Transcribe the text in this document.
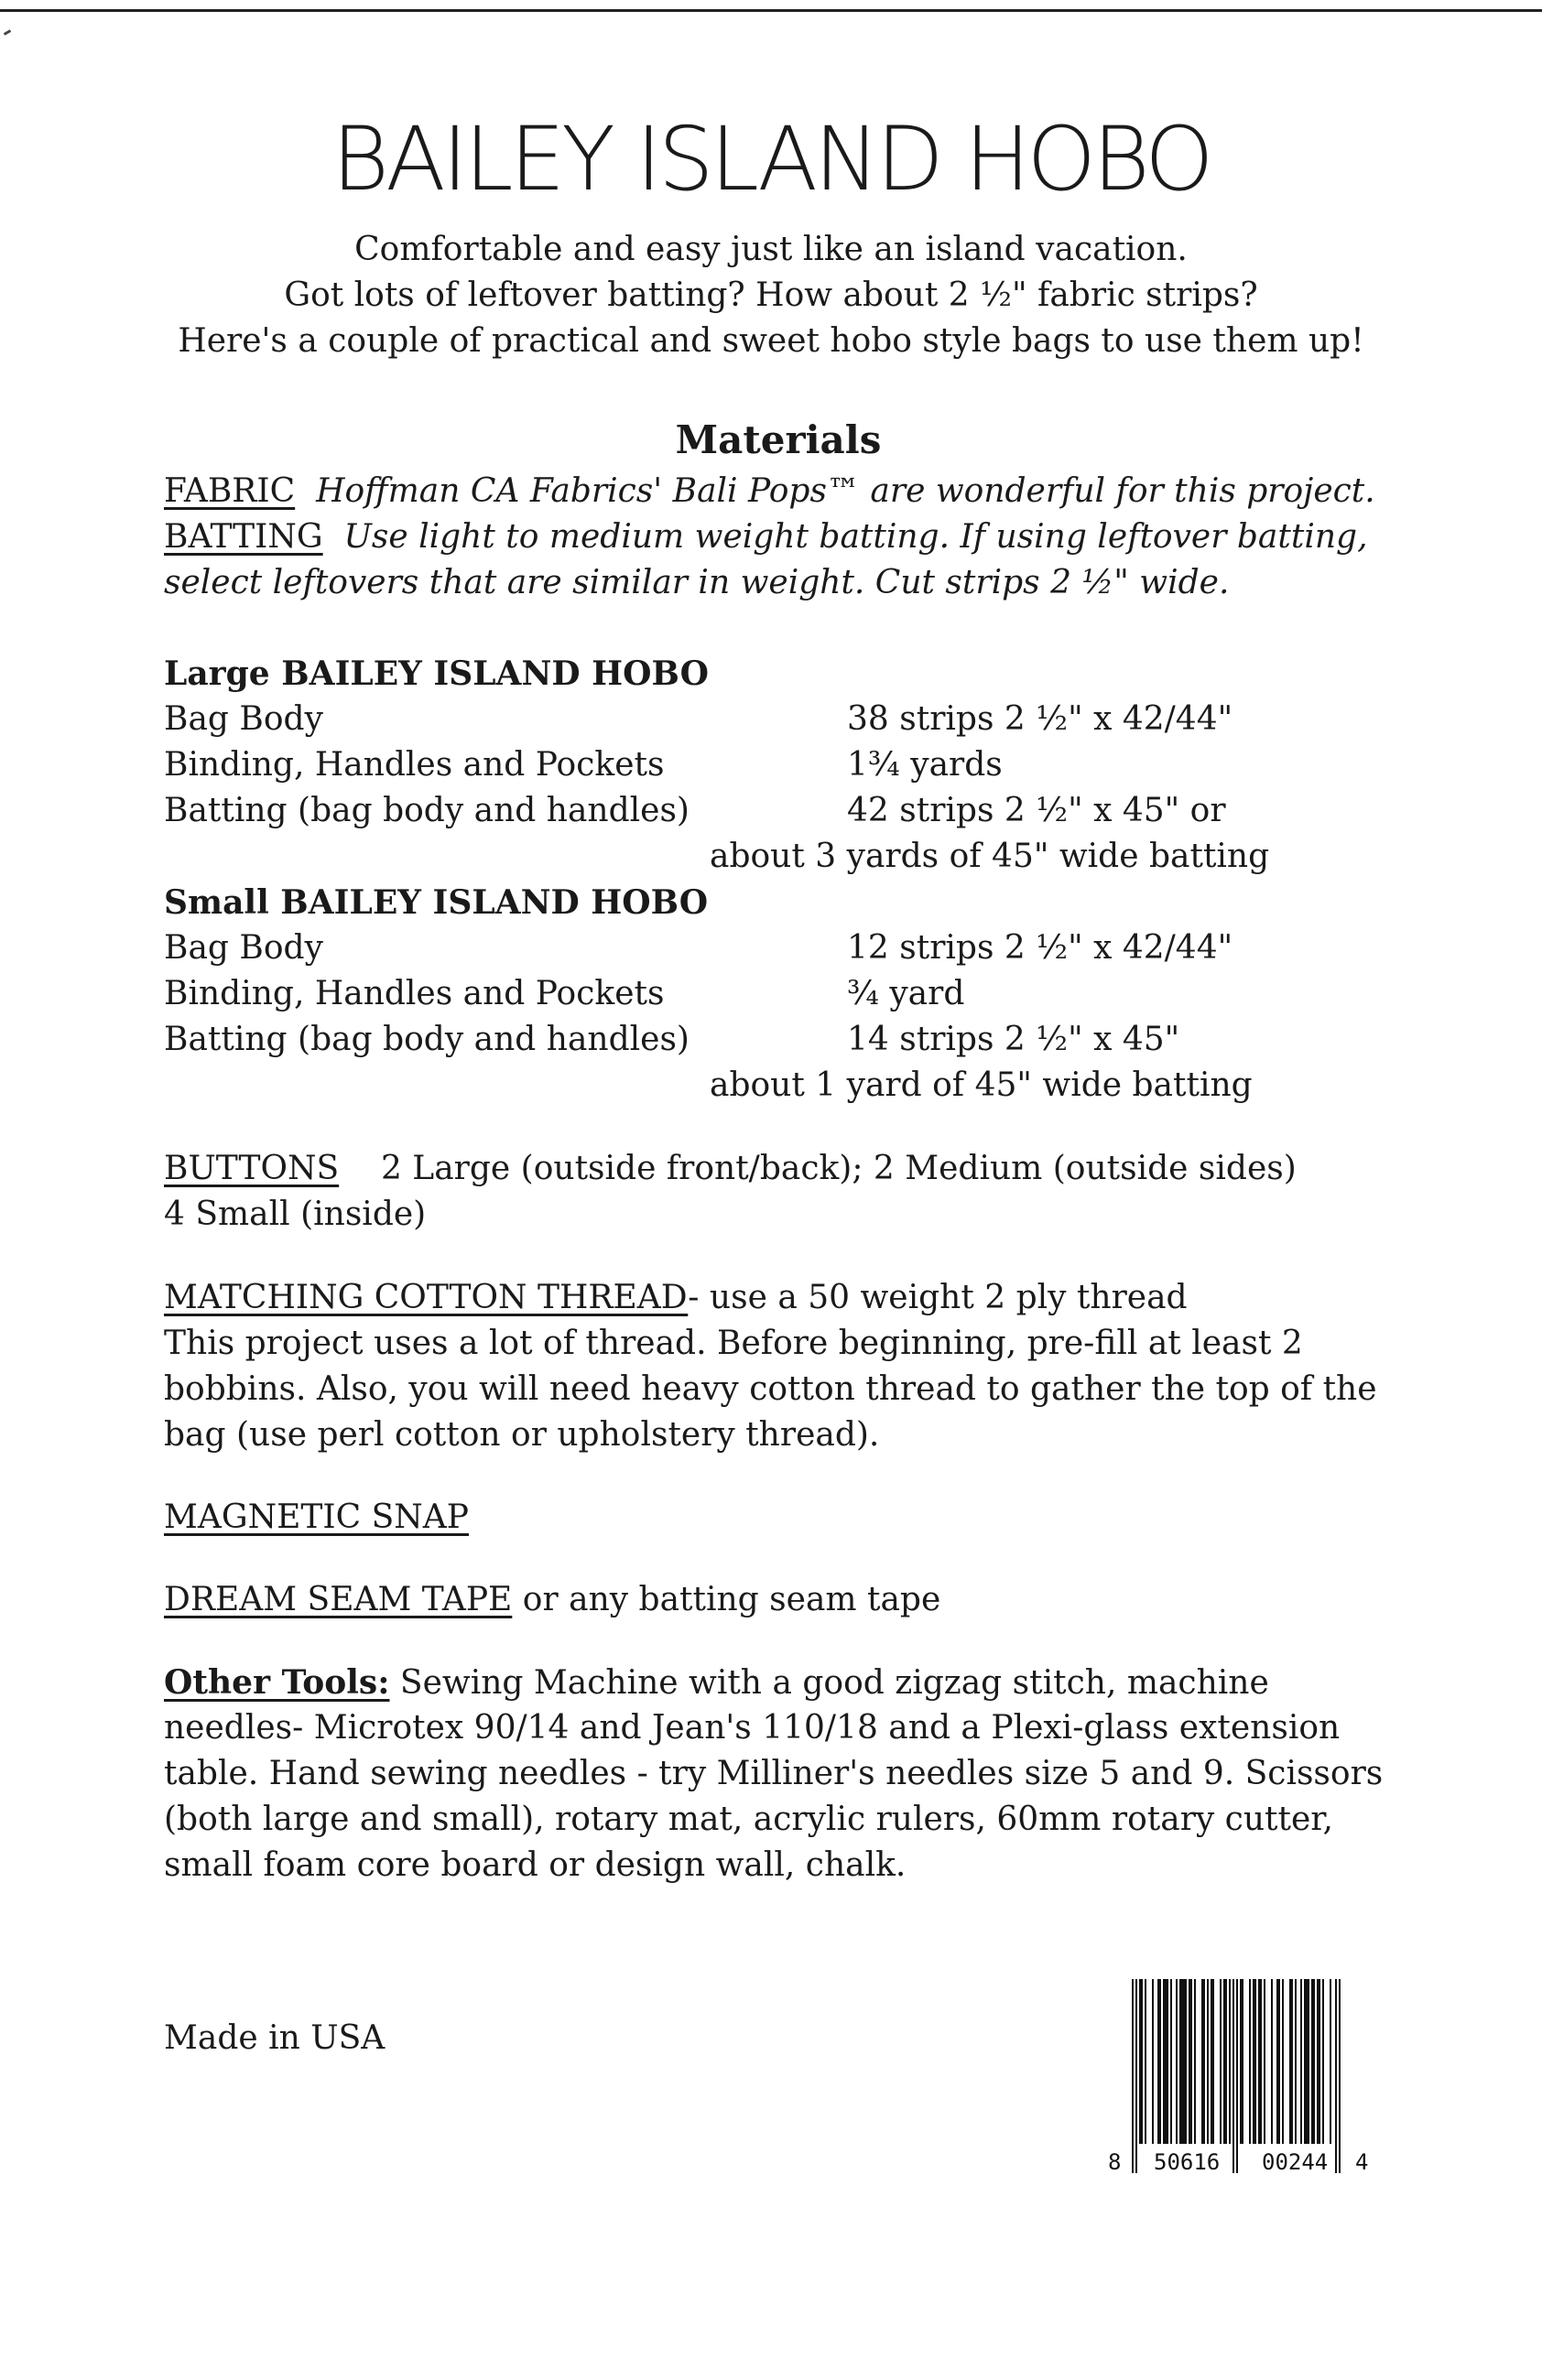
BAILEY ISLAND HOBO
Comfortable and easy just like an island vacation.
Got lots of leftover batting? How about 2 ½" fabric strips?
Here's a couple of practical and sweet hobo style bags to use them up!
Materials
FABRIC Hoffman CA Fabrics' Bali Pops™ are wonderful for this project.
BATTING Use light to medium weight batting. If using leftover batting,
select leftovers that are similar in weight. Cut strips 2 ½" wide.
Large BAILEY ISLAND HOBO
Bag Body	38 strips 2 ½" x 42/44"
Binding, Handles and Pockets	1¾ yards
Batting (bag body and handles)	42 strips 2 ½" x 45" or
about 3 yards of 45" wide batting
Small BAILEY ISLAND HOBO
Bag Body	12 strips 2 ½" x 42/44"
Binding, Handles and Pockets	¾ yard
Batting (bag body and handles)	14 strips 2 ½" x 45"
about 1 yard of 45" wide batting
BUTTONS 2 Large (outside front/back); 2 Medium (outside sides)
4 Small (inside)
MATCHING COTTON THREAD- use a 50 weight 2 ply thread
This project uses a lot of thread. Before beginning, pre-fill at least 2
bobbins. Also, you will need heavy cotton thread to gather the top of the
bag (use perl cotton or upholstery thread).
MAGNETIC SNAP
DREAM SEAM TAPE or any batting seam tape
Other Tools: Sewing Machine with a good zigzag stitch, machine
needles- Microtex 90/14 and Jean's 110/18 and a Plexi-glass extension
table. Hand sewing needles - try Milliner's needles size 5 and 9. Scissors
(both large and small), rotary mat, acrylic rulers, 60mm rotary cutter,
small foam core board or design wall, chalk.
Made in USA
8 50616 00244 4
